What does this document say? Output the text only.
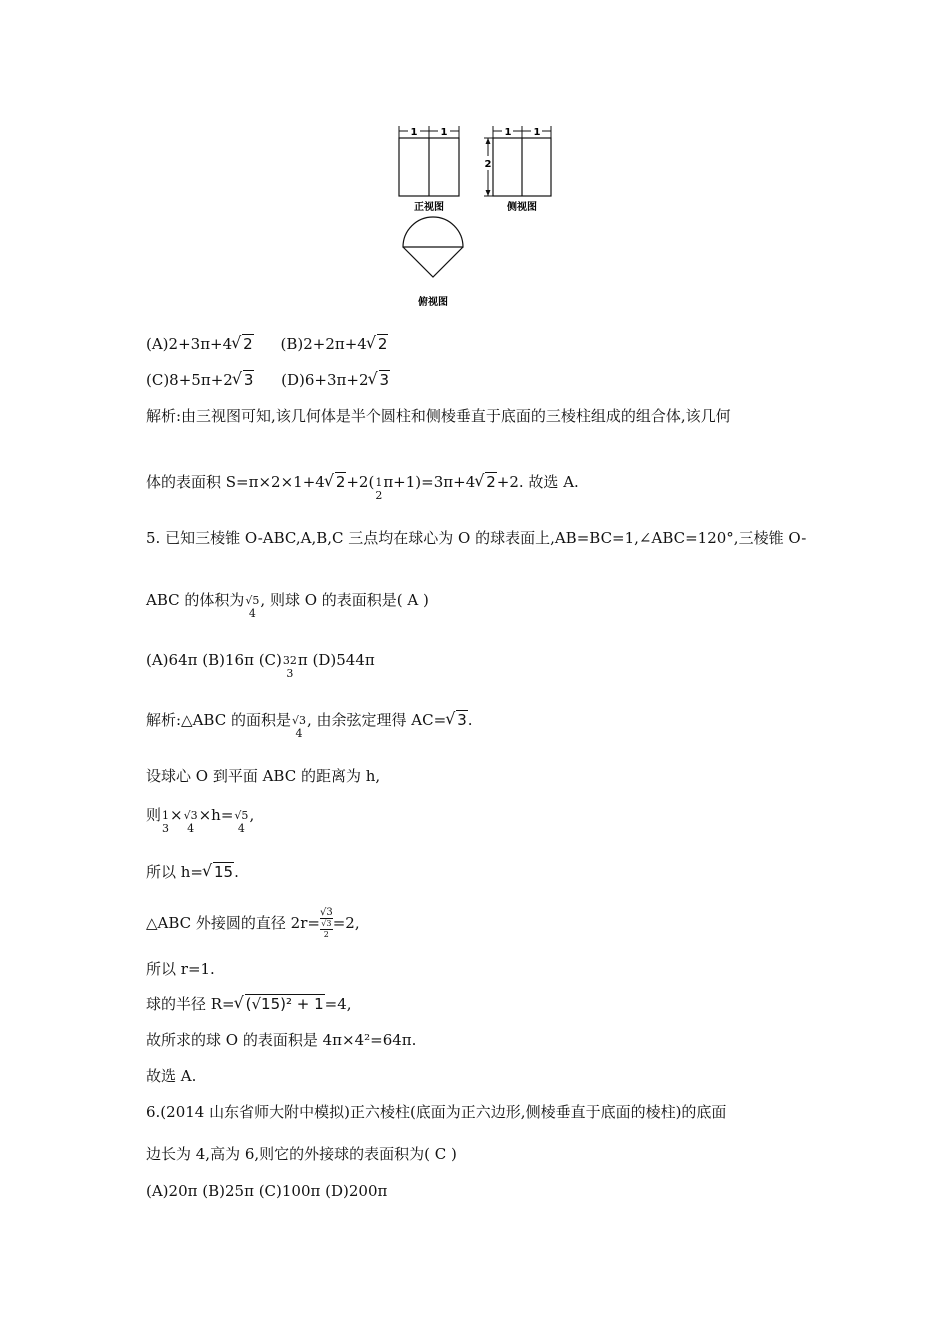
1 1
正视图
1 1
2
侧视图
俯视图
(A)2+3π+4 √ 2 (B)2+2π+4 √ 2
(C)8+5π+2 √ 3 (D)6+3π+2 √ 3
解析:由三视图可知,该几何体是半个圆柱和侧棱垂直于底面的三棱柱组成的组合体,该几何
体的表面积 S=π×2×1+4 √ 2+2( 1
2
π+1)=3π+4 √ 2+2. 故选 A.
5. 已知三棱锥 O-ABC,A,B,C 三点均在球心为 O 的球表面上,AB=BC=1,∠ABC=120°,三棱锥 O-
ABC 的体积为 √5
4
, 则球 O 的表面积是( A )
(A)64π (B)16π (C) 32
3
π (D)544π
解析:△ABC 的面积是 √3
4
, 由余弦定理得 AC= √ 3.
设球心 O 到平面 ABC 的距离为 h,
则 1
3
× √3
4
×h= √5
4
,
所以 h= √ 15.
△ABC 外接圆的直径 2r=
√3
√3
2
=2,
所以 r=1.
球的半径 R= √ (√15)² + 1=4,
故所求的球 O 的表面积是 4π×4²=64π.
故选 A.
6.(2014 山东省师大附中模拟)正六棱柱(底面为正六边形,侧棱垂直于底面的棱柱)的底面
边长为 4,高为 6,则它的外接球的表面积为( C )
(A)20π (B)25π (C)100π (D)200π
